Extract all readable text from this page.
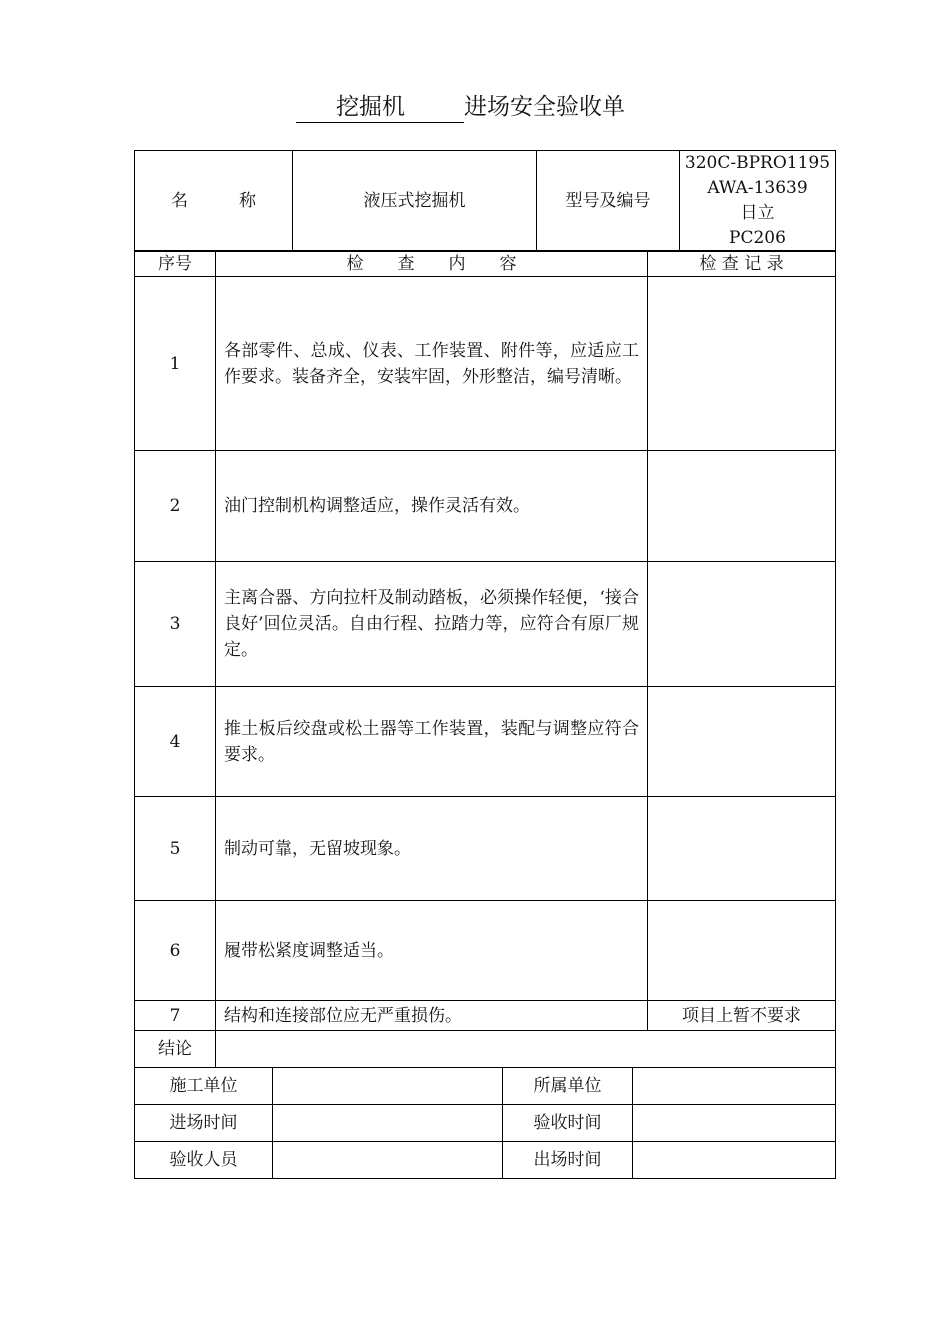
挖掘机	进场安全验收单
名　　　称	液压式挖掘机	型号及编号	
320C-BPRO1195
AWA-13639
日立
PC206
序号	检　　查　　内　　容	检 查 记 录
1	各部零件、总成、仪表、工作装置、附件等，应适应工作要求。装备齐全，安装牢固，外形整洁，编号清晰。	
2	油门控制机构调整适应，操作灵活有效。	
3	主离合器、方向拉杆及制动踏板，必须操作轻便，‘接合良好’回位灵活。自由行程、拉踏力等，应符合有原厂规定。	
4	推土板后绞盘或松土器等工作装置，装配与调整应符合要求。	
5	制动可靠，无留坡现象。	
6	履带松紧度调整适当。	
7	结构和连接部位应无严重损伤。	项目上暂不要求
结论		
施工单位		所属单位	
进场时间		验收时间	
验收人员		出场时间	
